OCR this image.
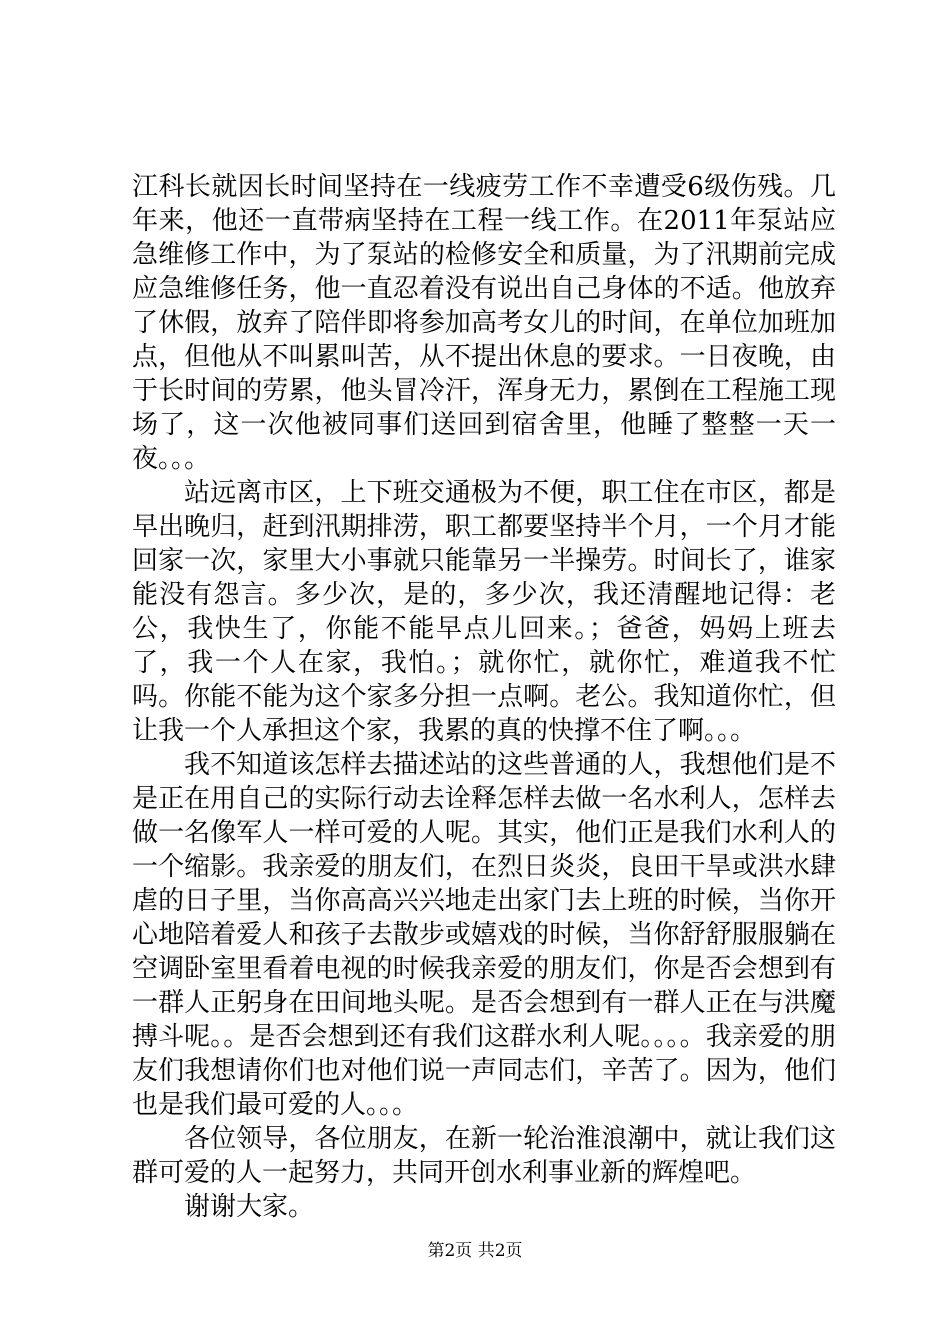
江科长就因长时间坚持在一线疲劳工作不幸遭受6级伤残。几年来，他还一直带病坚持在工程一线工作。在2011年泵站应急维修工作中，为了泵站的检修安全和质量，为了汛期前完成应急维修任务，他一直忍着没有说出自己身体的不适。他放弃了休假，放弃了陪伴即将参加高考女儿的时间，在单位加班加点，但他从不叫累叫苦，从不提出休息的要求。一日夜晚，由于长时间的劳累，他头冒冷汗，浑身无力，累倒在工程施工现场了，这一次他被同事们送回到宿舍里，他睡了整整一天一夜。。。

站远离市区，上下班交通极为不便，职工住在市区，都是早出晚归，赶到汛期排涝，职工都要坚持半个月，一个月才能回家一次，家里大小事就只能靠另一半操劳。时间长了，谁家能没有怨言。多少次，是的，多少次，我还清醒地记得：老公，我快生了，你能不能早点儿回来。；爸爸，妈妈上班去了，我一个人在家，我怕。；就你忙，就你忙，难道我不忙吗。你能不能为这个家多分担一点啊。老公。我知道你忙，但让我一个人承担这个家，我累的真的快撑不住了啊。。。

我不知道该怎样去描述站的这些普通的人，我想他们是不是正在用自己的实际行动去诠释怎样去做一名水利人，怎样去做一名像军人一样可爱的人呢。其实，他们正是我们水利人的一个缩影。我亲爱的朋友们，在烈日炎炎，良田干旱或洪水肆虐的日子里，当你高高兴兴地走出家门去上班的时候，当你开心地陪着爱人和孩子去散步或嬉戏的时候，当你舒舒服服躺在空调卧室里看着电视的时候我亲爱的朋友们，你是否会想到有一群人正躬身在田间地头呢。是否会想到有一群人正在与洪魔搏斗呢。。是否会想到还有我们这群水利人呢。。。。我亲爱的朋友们我想请你们也对他们说一声同志们，辛苦了。因为，他们也是我们最可爱的人。。。

各位领导，各位朋友，在新一轮治淮浪潮中，就让我们这群可爱的人一起努力，共同开创水利事业新的辉煌吧。

谢谢大家。

第2页 共2页
